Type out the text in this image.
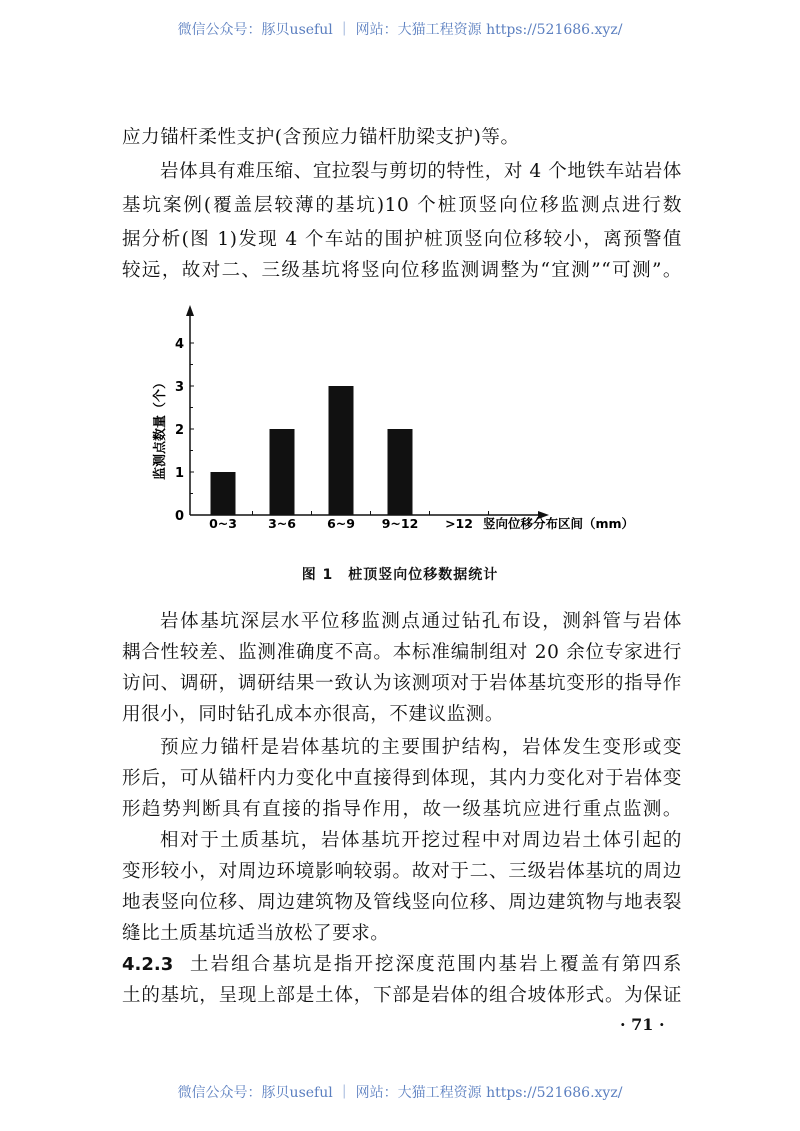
微信公众号：豚贝useful ｜ 网站：大猫工程资源 https://521686.xyz/
应力锚杆柔性支护(含预应力锚杆肋梁支护)等。
岩体具有难压缩、宜拉裂与剪切的特性，对 4 个地铁车站岩体
基坑案例(覆盖层较薄的基坑)10 个桩顶竖向位移监测点进行数
据分析(图 1)发现 4 个车站的围护桩顶竖向位移较小，离预警值
较远，故对二、三级基坑将竖向位移监测调整为“宜测”“可测”。
0
1
2
3
4
0~3 3~6 6~9 9~12 >12 竖向位移分布区间（mm）
监测点数量（个）
图 1　桩顶竖向位移数据统计
岩体基坑深层水平位移监测点通过钻孔布设，测斜管与岩体
耦合性较差、监测准确度不高。本标准编制组对 20 余位专家进行
访问、调研，调研结果一致认为该测项对于岩体基坑变形的指导作
用很小，同时钻孔成本亦很高，不建议监测。
预应力锚杆是岩体基坑的主要围护结构，岩体发生变形或变
形后，可从锚杆内力变化中直接得到体现，其内力变化对于岩体变
形趋势判断具有直接的指导作用，故一级基坑应进行重点监测。
相对于土质基坑，岩体基坑开挖过程中对周边岩土体引起的
变形较小，对周边环境影响较弱。故对于二、三级岩体基坑的周边
地表竖向位移、周边建筑物及管线竖向位移、周边建筑物与地表裂
缝比土质基坑适当放松了要求。
4.2.3 土岩组合基坑是指开挖深度范围内基岩上覆盖有第四系
土的基坑，呈现上部是土体，下部是岩体的组合坡体形式。为保证
· 71 ·
微信公众号：豚贝useful ｜ 网站：大猫工程资源 https://521686.xyz/
